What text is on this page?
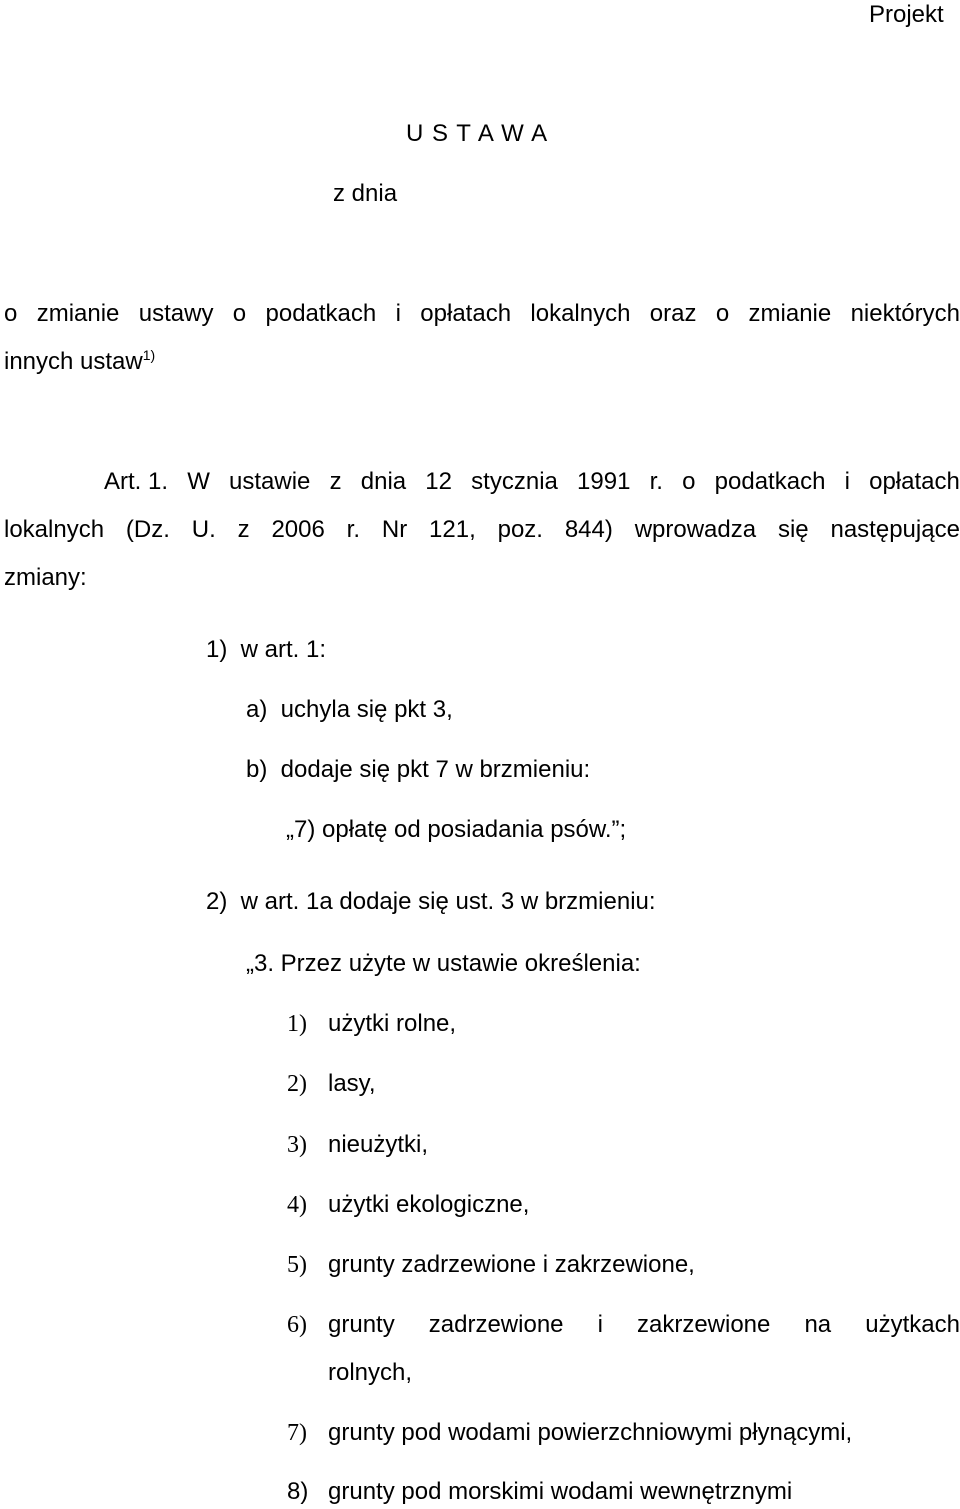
Projekt
U S T A W A
z dnia
o zmianie ustawy o podatkach i opłatach lokalnych oraz o zmianie niektórych
innych ustaw$^{1)}$
Art. 1. W ustawie z dnia 12 stycznia 1991 r. o podatkach i opłatach
lokalnych (Dz. U. z 2006 r. Nr 121, poz. 844) wprowadza się następujące
zmiany:
1)  w art. 1:
a)  uchyla się pkt 3,
b)  dodaje się pkt 7 w brzmieniu:
„7) opłatę od posiadania psów.”;
2)  w art. 1a dodaje się ust. 3 w brzmieniu:
„3. Przez użyte w ustawie określenia:
1) użytki rolne,
2) lasy,
3) nieużytki,
4) użytki ekologiczne,
5) grunty zadrzewione i zakrzewione,
6) grunty zadrzewione i zakrzewione na użytkach
rolnych,
7) grunty pod wodami powierzchniowymi płynącymi,
8) grunty pod morskimi wodami wewnętrznymi
